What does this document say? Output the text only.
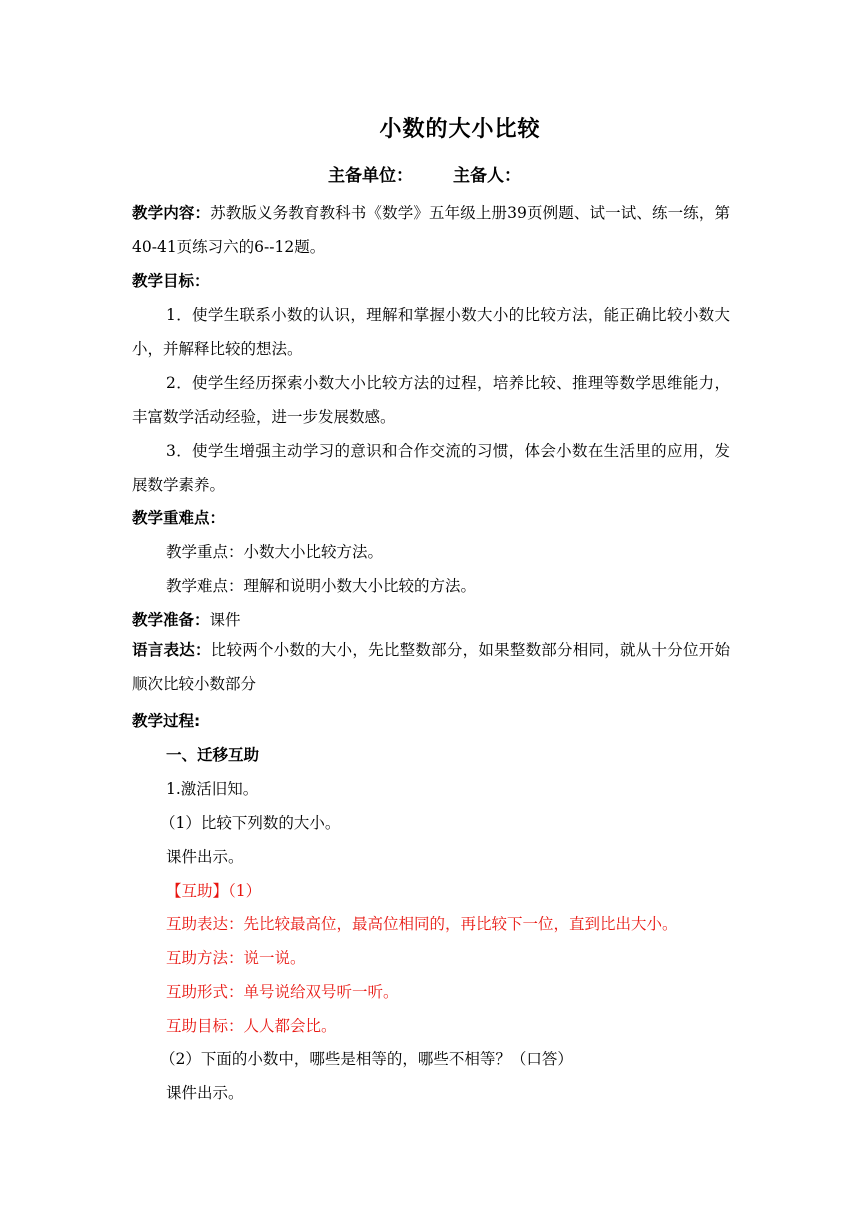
小数的大小比较
主备单位： 主备人：

教学内容：苏教版义务教育教科书《数学》五年级上册39页例题、试一试、练一练，第40-41页练习六的6--12题。

教学目标：

1．使学生联系小数的认识，理解和掌握小数大小的比较方法，能正确比较小数大小，并解释比较的想法。

2．使学生经历探索小数大小比较方法的过程，培养比较、推理等数学思维能力，丰富数学活动经验，进一步发展数感。

3．使学生增强主动学习的意识和合作交流的习惯，体会小数在生活里的应用，发展数学素养。

教学重难点：

教学重点：小数大小比较方法。

教学难点：理解和说明小数大小比较的方法。

教学准备：课件

语言表达：比较两个小数的大小，先比整数部分，如果整数部分相同，就从十分位开始顺次比较小数部分

教学过程:

一、迁移互助

1.激活旧知。

（1）比较下列数的大小。

课件出示。

【互助】（1）

互助表达：先比较最高位，最高位相同的，再比较下一位，直到比出大小。

互助方法：说一说。

互助形式：单号说给双号听一听。

互助目标：人人都会比。

（2）下面的小数中，哪些是相等的，哪些不相等？（口答）

课件出示。
